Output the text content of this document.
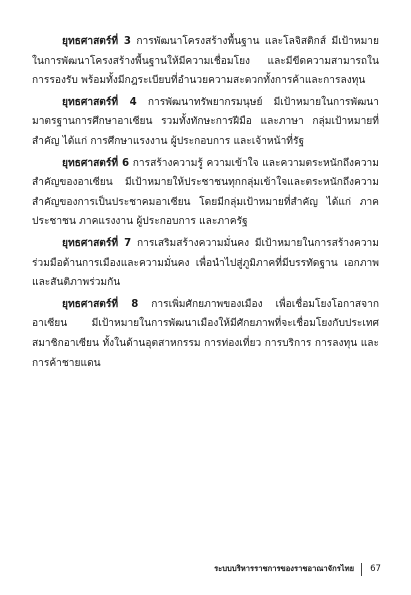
ยุทธศาสตร์ที่ 3 การพัฒนาโครงสร้างพื้นฐาน และโลจิสติกส์ มีเป้าหมายในการพัฒนาโครงสร้างพื้นฐานให้มีความเชื่อมโยง และมีขีดความสามารถในการรองรับ พร้อมทั้งมีกฎระเบียบที่อำนวยความสะดวกทั้งการค้าและการลงทุน

ยุทธศาสตร์ที่ 4 การพัฒนาทรัพยากรมนุษย์ มีเป้าหมายในการพัฒนามาตรฐานการศึกษาอาเซียน รวมทั้งทักษะการฝีมือ และภาษา กลุ่มเป้าหมายที่สำคัญ ได้แก่ การศึกษาแรงงาน ผู้ประกอบการ และเจ้าหน้าที่รัฐ

ยุทธศาสตร์ที่ 6 การสร้างความรู้ ความเข้าใจ และความตระหนักถึงความสำคัญของอาเซียน มีเป้าหมายให้ประชาชนทุกกลุ่มเข้าใจและตระหนักถึงความสำคัญของการเป็นประชาคมอาเซียน โดยมีกลุ่มเป้าหมายที่สำคัญ ได้แก่ ภาคประชาชน ภาคแรงงาน ผู้ประกอบการ และภาครัฐ

ยุทธศาสตร์ที่ 7 การเสริมสร้างความมั่นคง มีเป้าหมายในการสร้างความร่วมมือด้านการเมืองและความมั่นคง เพื่อนำไปสู่ภูมิภาคที่มีบรรทัดฐาน เอกภาพ และสันติภาพร่วมกัน

ยุทธศาสตร์ที่ 8 การเพิ่มศักยภาพของเมือง เพื่อเชื่อมโยงโอกาสจากอาเซียน มีเป้าหมายในการพัฒนาเมืองให้มีศักยภาพที่จะเชื่อมโยงกับประเทศสมาชิกอาเซียน ทั้งในด้านอุตสาหกรรม การท่องเที่ยว การบริการ การลงทุน และการค้าชายแดน

ระบบบริหารราชการของราชอาณาจักรไทย 67
